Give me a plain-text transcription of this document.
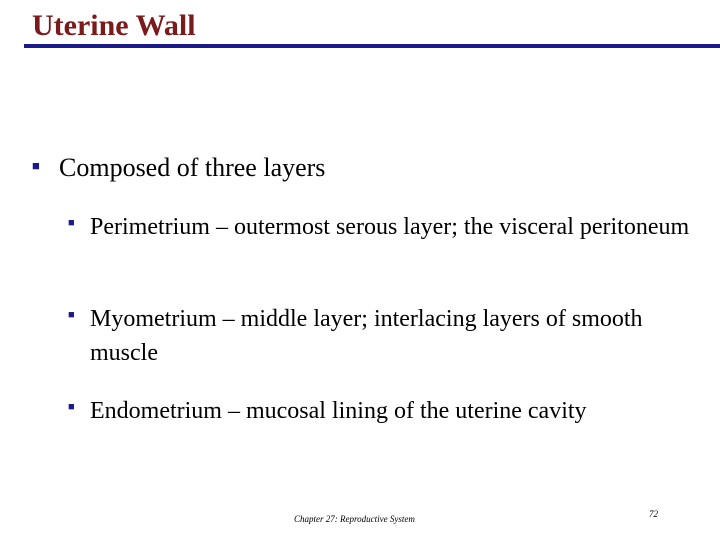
Uterine Wall
■ Composed of three layers
■ Perimetrium – outermost serous layer; the visceral peritoneum
■ Myometrium – middle layer; interlacing layers of smooth muscle
■ Endometrium – mucosal lining of the uterine cavity
Chapter 27: Reproductive System	72
